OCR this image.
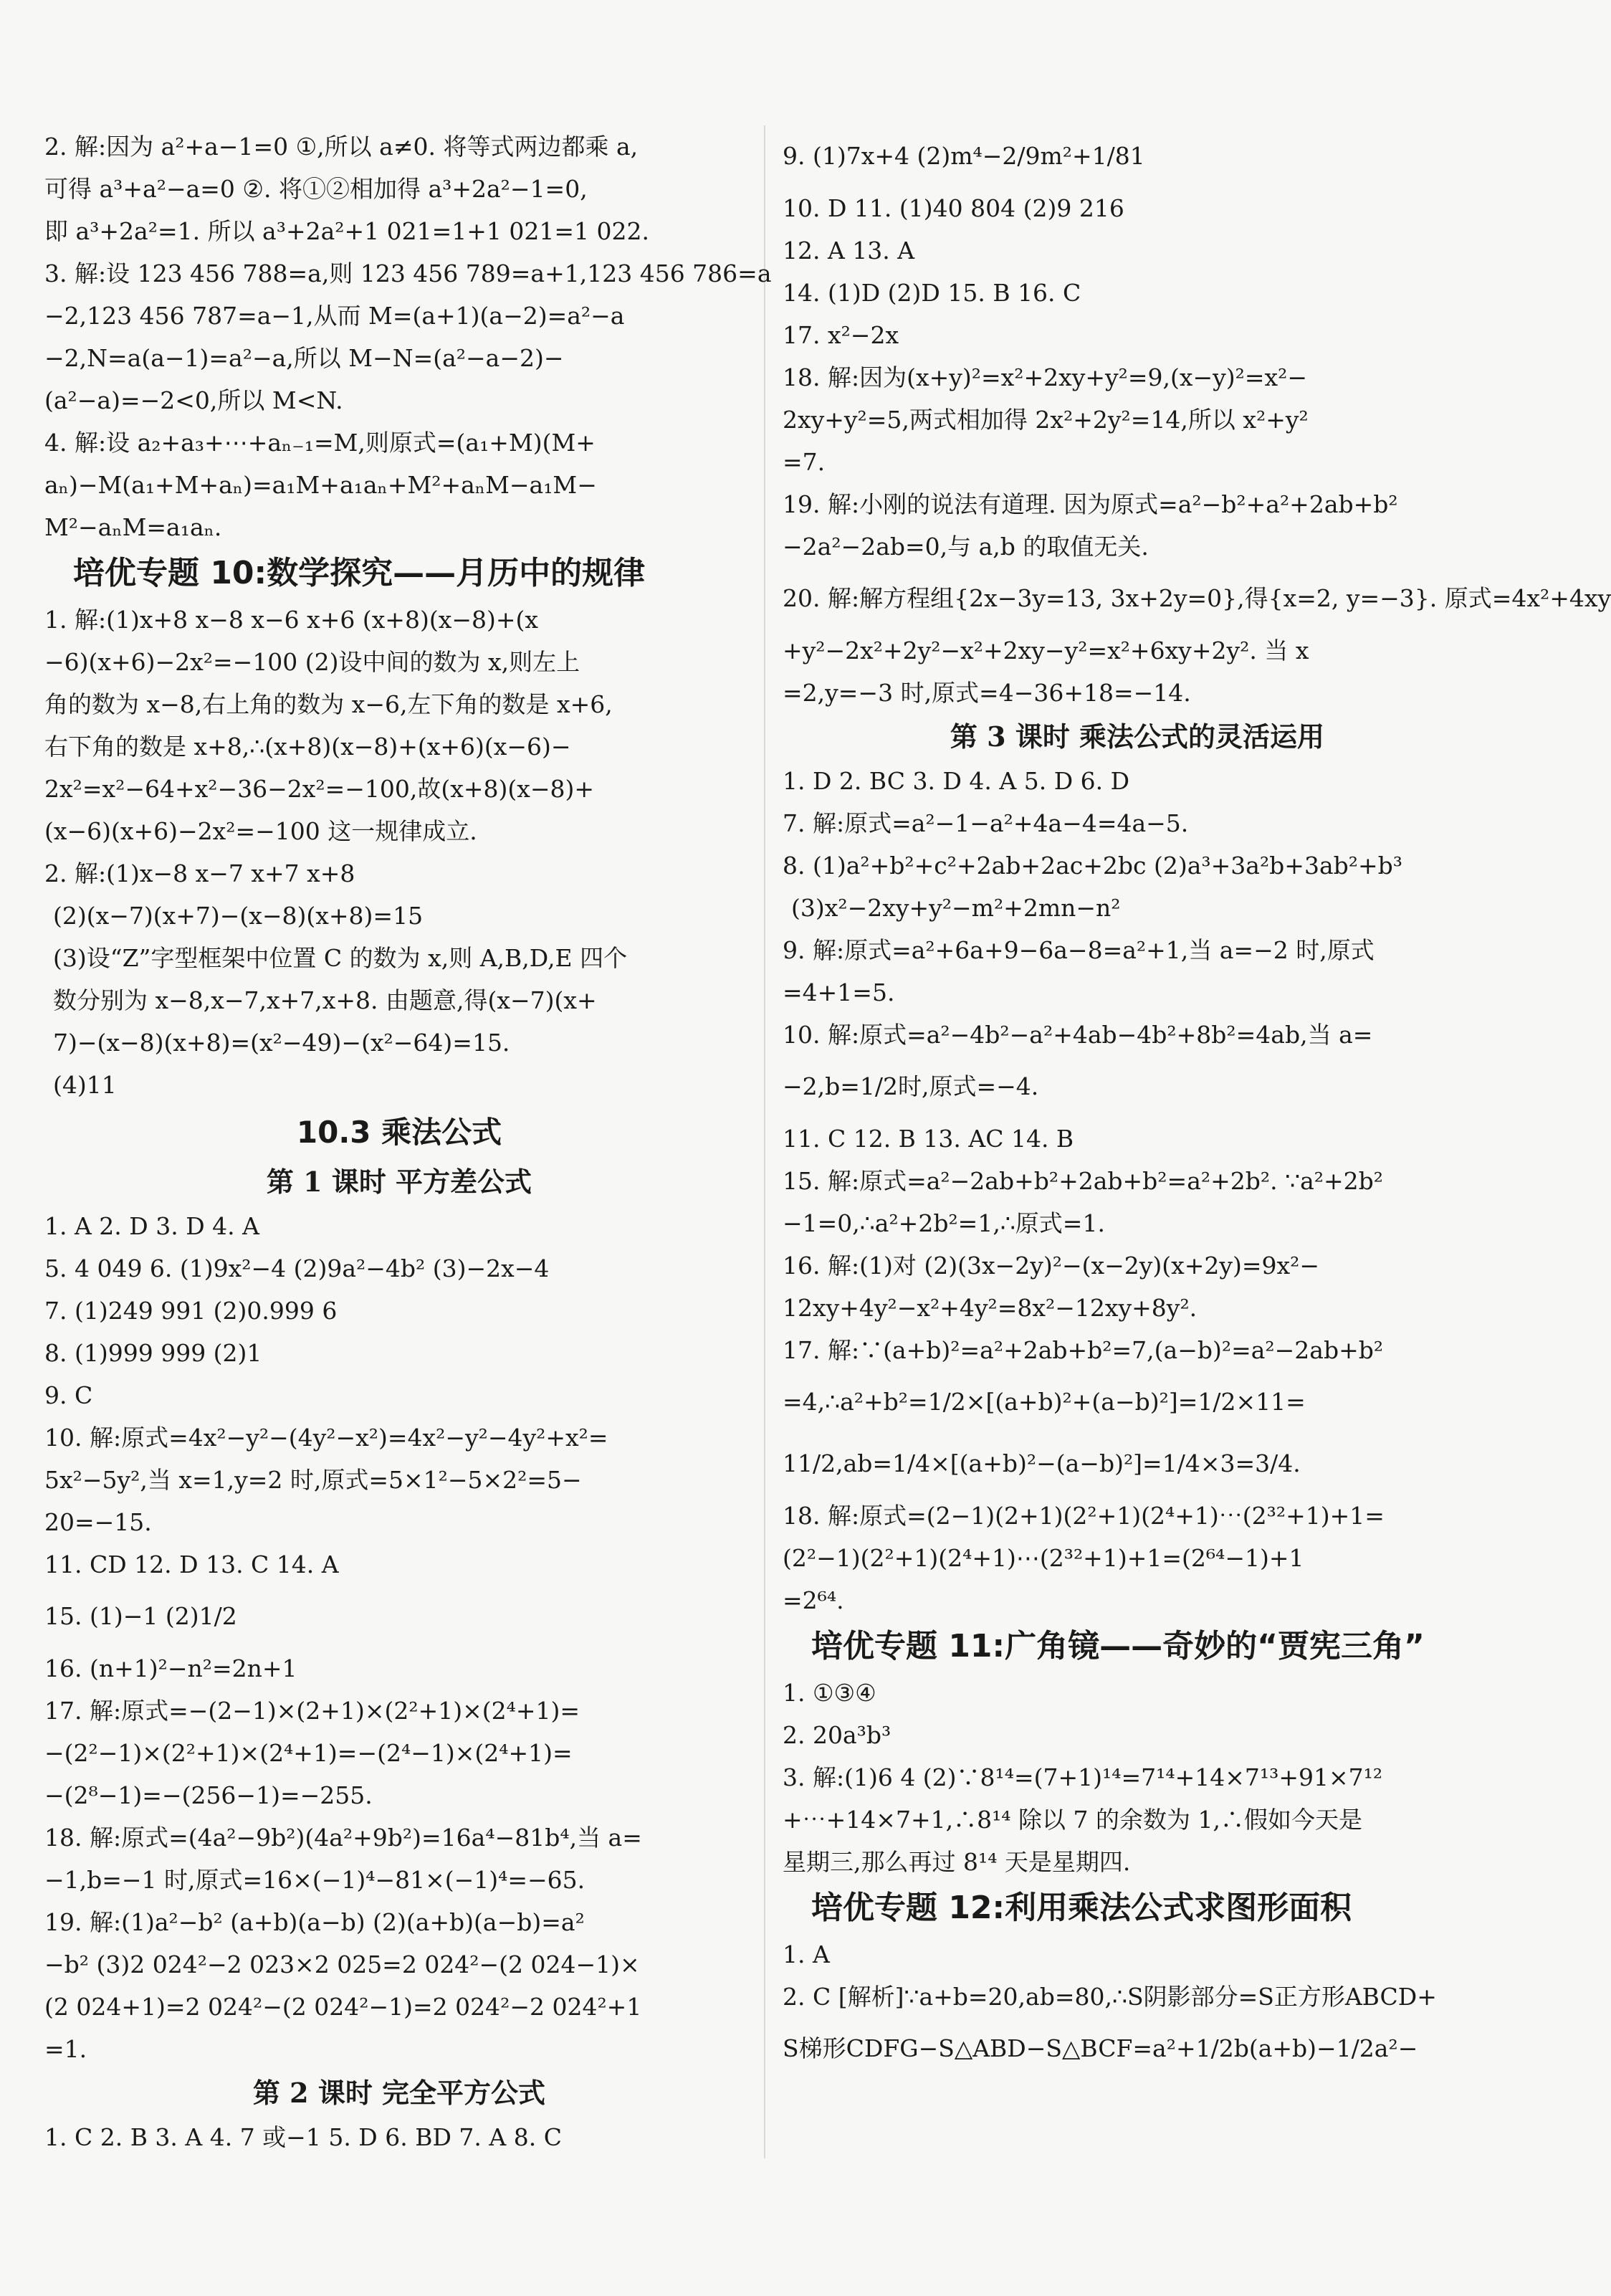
2. 解:因为 a²+a−1=0 ①,所以 a≠0. 将等式两边都乘 a,
可得 a³+a²−a=0 ②. 将①②相加得 a³+2a²−1=0,
即 a³+2a²=1. 所以 a³+2a²+1 021=1+1 021=1 022.
3. 解:设 123 456 788=a,则 123 456 789=a+1,123 456 786=a
−2,123 456 787=a−1,从而 M=(a+1)(a−2)=a²−a
−2,N=a(a−1)=a²−a,所以 M−N=(a²−a−2)−
(a²−a)=−2<0,所以 M<N.
4. 解:设 a₂+a₃+⋯+aₙ₋₁=M,则原式=(a₁+M)(M+
aₙ)−M(a₁+M+aₙ)=a₁M+a₁aₙ+M²+aₙM−a₁M−
M²−aₙM=a₁aₙ.
培优专题 10:数学探究——月历中的规律
1. 解:(1)x+8 x−8 x−6 x+6 (x+8)(x−8)+(x
−6)(x+6)−2x²=−100 (2)设中间的数为 x,则左上
角的数为 x−8,右上角的数为 x−6,左下角的数是 x+6,
右下角的数是 x+8,∴(x+8)(x−8)+(x+6)(x−6)−
2x²=x²−64+x²−36−2x²=−100,故(x+8)(x−8)+
(x−6)(x+6)−2x²=−100 这一规律成立.
2. 解:(1)x−8 x−7 x+7 x+8
(2)(x−7)(x+7)−(x−8)(x+8)=15
(3)设“Z”字型框架中位置 C 的数为 x,则 A,B,D,E 四个
数分别为 x−8,x−7,x+7,x+8. 由题意,得(x−7)(x+
7)−(x−8)(x+8)=(x²−49)−(x²−64)=15.
(4)11
10.3 乘法公式
第 1 课时 平方差公式
1. A 2. D 3. D 4. A
5. 4 049 6. (1)9x²−4 (2)9a²−4b² (3)−2x−4
7. (1)249 991 (2)0.999 6
8. (1)999 999 (2)1
9. C
10. 解:原式=4x²−y²−(4y²−x²)=4x²−y²−4y²+x²=
5x²−5y²,当 x=1,y=2 时,原式=5×1²−5×2²=5−
20=−15.
11. CD 12. D 13. C 14. A
15. (1)−1 (2)1/2
16. (n+1)²−n²=2n+1
17. 解:原式=−(2−1)×(2+1)×(2²+1)×(2⁴+1)=
−(2²−1)×(2²+1)×(2⁴+1)=−(2⁴−1)×(2⁴+1)=
−(2⁸−1)=−(256−1)=−255.
18. 解:原式=(4a²−9b²)(4a²+9b²)=16a⁴−81b⁴,当 a=
−1,b=−1 时,原式=16×(−1)⁴−81×(−1)⁴=−65.
19. 解:(1)a²−b² (a+b)(a−b) (2)(a+b)(a−b)=a²
−b² (3)2 024²−2 023×2 025=2 024²−(2 024−1)×
(2 024+1)=2 024²−(2 024²−1)=2 024²−2 024²+1
=1.
第 2 课时 完全平方公式
1. C 2. B 3. A 4. 7 或−1 5. D 6. BD 7. A 8. C
9. (1)7x+4 (2)m⁴−2/9m²+1/81
10. D 11. (1)40 804 (2)9 216
12. A 13. A
14. (1)D (2)D 15. B 16. C
17. x²−2x
18. 解:因为(x+y)²=x²+2xy+y²=9,(x−y)²=x²−
2xy+y²=5,两式相加得 2x²+2y²=14,所以 x²+y²
=7.
19. 解:小刚的说法有道理. 因为原式=a²−b²+a²+2ab+b²
−2a²−2ab=0,与 a,b 的取值无关.
20. 解:解方程组{2x−3y=13, 3x+2y=0},得{x=2, y=−3}. 原式=4x²+4xy
+y²−2x²+2y²−x²+2xy−y²=x²+6xy+2y². 当 x
=2,y=−3 时,原式=4−36+18=−14.
第 3 课时 乘法公式的灵活运用
1. D 2. BC 3. D 4. A 5. D 6. D
7. 解:原式=a²−1−a²+4a−4=4a−5.
8. (1)a²+b²+c²+2ab+2ac+2bc (2)a³+3a²b+3ab²+b³
(3)x²−2xy+y²−m²+2mn−n²
9. 解:原式=a²+6a+9−6a−8=a²+1,当 a=−2 时,原式
=4+1=5.
10. 解:原式=a²−4b²−a²+4ab−4b²+8b²=4ab,当 a=
−2,b=1/2时,原式=−4.
11. C 12. B 13. AC 14. B
15. 解:原式=a²−2ab+b²+2ab+b²=a²+2b². ∵a²+2b²
−1=0,∴a²+2b²=1,∴原式=1.
16. 解:(1)对 (2)(3x−2y)²−(x−2y)(x+2y)=9x²−
12xy+4y²−x²+4y²=8x²−12xy+8y².
17. 解:∵(a+b)²=a²+2ab+b²=7,(a−b)²=a²−2ab+b²
=4,∴a²+b²=1/2×[(a+b)²+(a−b)²]=1/2×11=
11/2,ab=1/4×[(a+b)²−(a−b)²]=1/4×3=3/4.
18. 解:原式=(2−1)(2+1)(2²+1)(2⁴+1)⋯(2³²+1)+1=
(2²−1)(2²+1)(2⁴+1)⋯(2³²+1)+1=(2⁶⁴−1)+1
=2⁶⁴.
培优专题 11:广角镜——奇妙的“贾宪三角”
1. ①③④
2. 20a³b³
3. 解:(1)6 4 (2)∵8¹⁴=(7+1)¹⁴=7¹⁴+14×7¹³+91×7¹²
+⋯+14×7+1,∴8¹⁴ 除以 7 的余数为 1,∴假如今天是
星期三,那么再过 8¹⁴ 天是星期四.
培优专题 12:利用乘法公式求图形面积
1. A
2. C [解析]∵a+b=20,ab=80,∴S阴影部分=S正方形ABCD+
S梯形CDFG−S△ABD−S△BCF=a²+1/2b(a+b)−1/2a²−
